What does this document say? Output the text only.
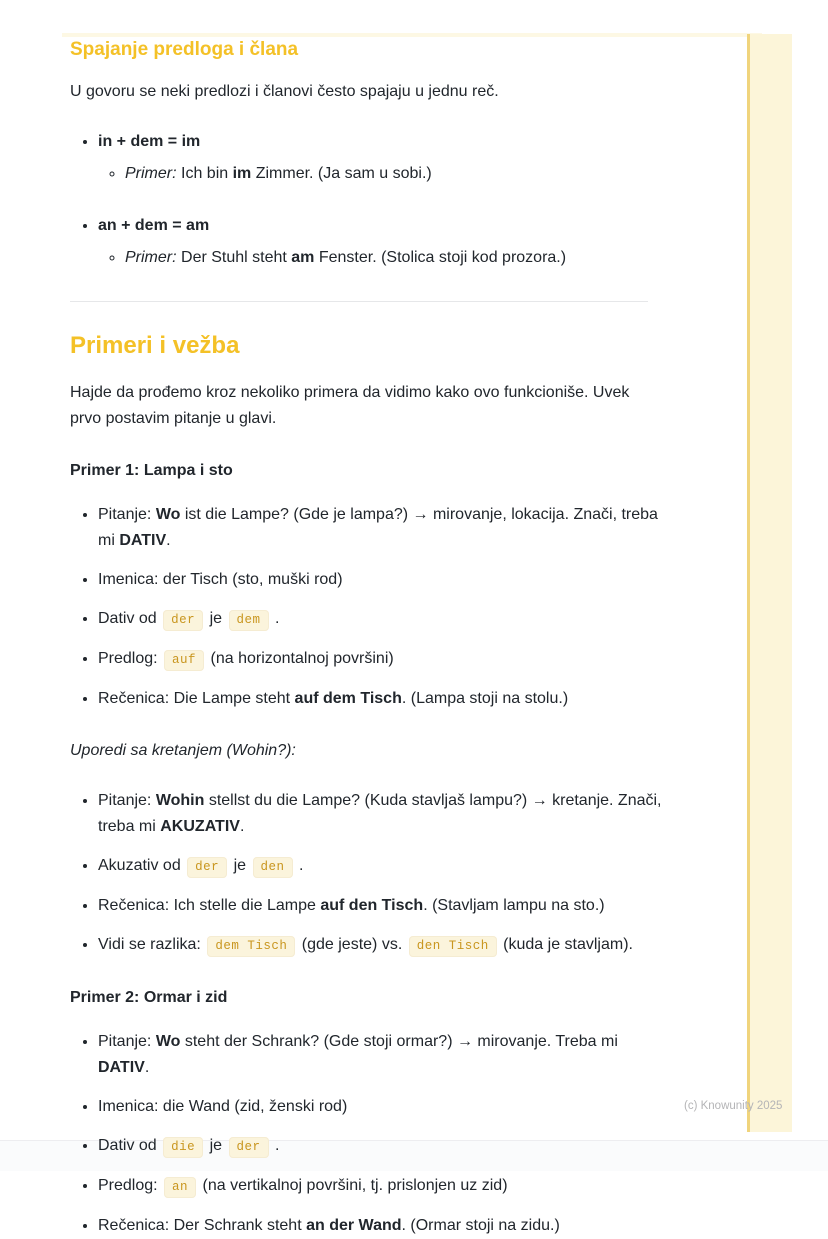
Spajanje predloga i člana

U govoru se neki predlozi i članovi često spajaju u jednu reč.

• in + dem = im
◦ Primer: Ich bin im Zimmer. (Ja sam u sobi.)
• an + dem = am
◦ Primer: Der Stuhl steht am Fenster. (Stolica stoji kod prozora.)
Primeri i vežba

Hajde da prođemo kroz nekoliko primera da vidimo kako ovo funkcioniše. Uvek prvo postavim pitanje u glavi.

Primer 1: Lampa i sto
• Pitanje: Wo ist die Lampe? (Gde je lampa?) → mirovanje, lokacija. Znači, treba mi DATIV.
• Imenica: der Tisch (sto, muški rod)
• Dativ od der je dem .
• Predlog: auf (na horizontalnoj površini)
• Rečenica: Die Lampe steht auf dem Tisch. (Lampa stoji na stolu.)

Uporedi sa kretanjem (Wohin?):

• Pitanje: Wohin stellst du die Lampe? (Kuda stavljaš lampu?) → kretanje. Znači, treba mi AKUZATIV.
• Akuzativ od der je den .
• Rečenica: Ich stelle die Lampe auf den Tisch. (Stavljam lampu na sto.)
• Vidi se razlika: dem Tisch (gde jeste) vs. den Tisch (kuda je stavljam).
Primer 2: Ormar i zid
• Pitanje: Wo steht der Schrank? (Gde stoji ormar?) → mirovanje. Treba mi DATIV.
• Imenica: die Wand (zid, ženski rod)
• Dativ od die je der .
• Predlog: an (na vertikalnoj površini, tj. prislonjen uz zid)
• Rečenica: Der Schrank steht an der Wand. (Ormar stoji na zidu.)
(c) Knowunity 2025
